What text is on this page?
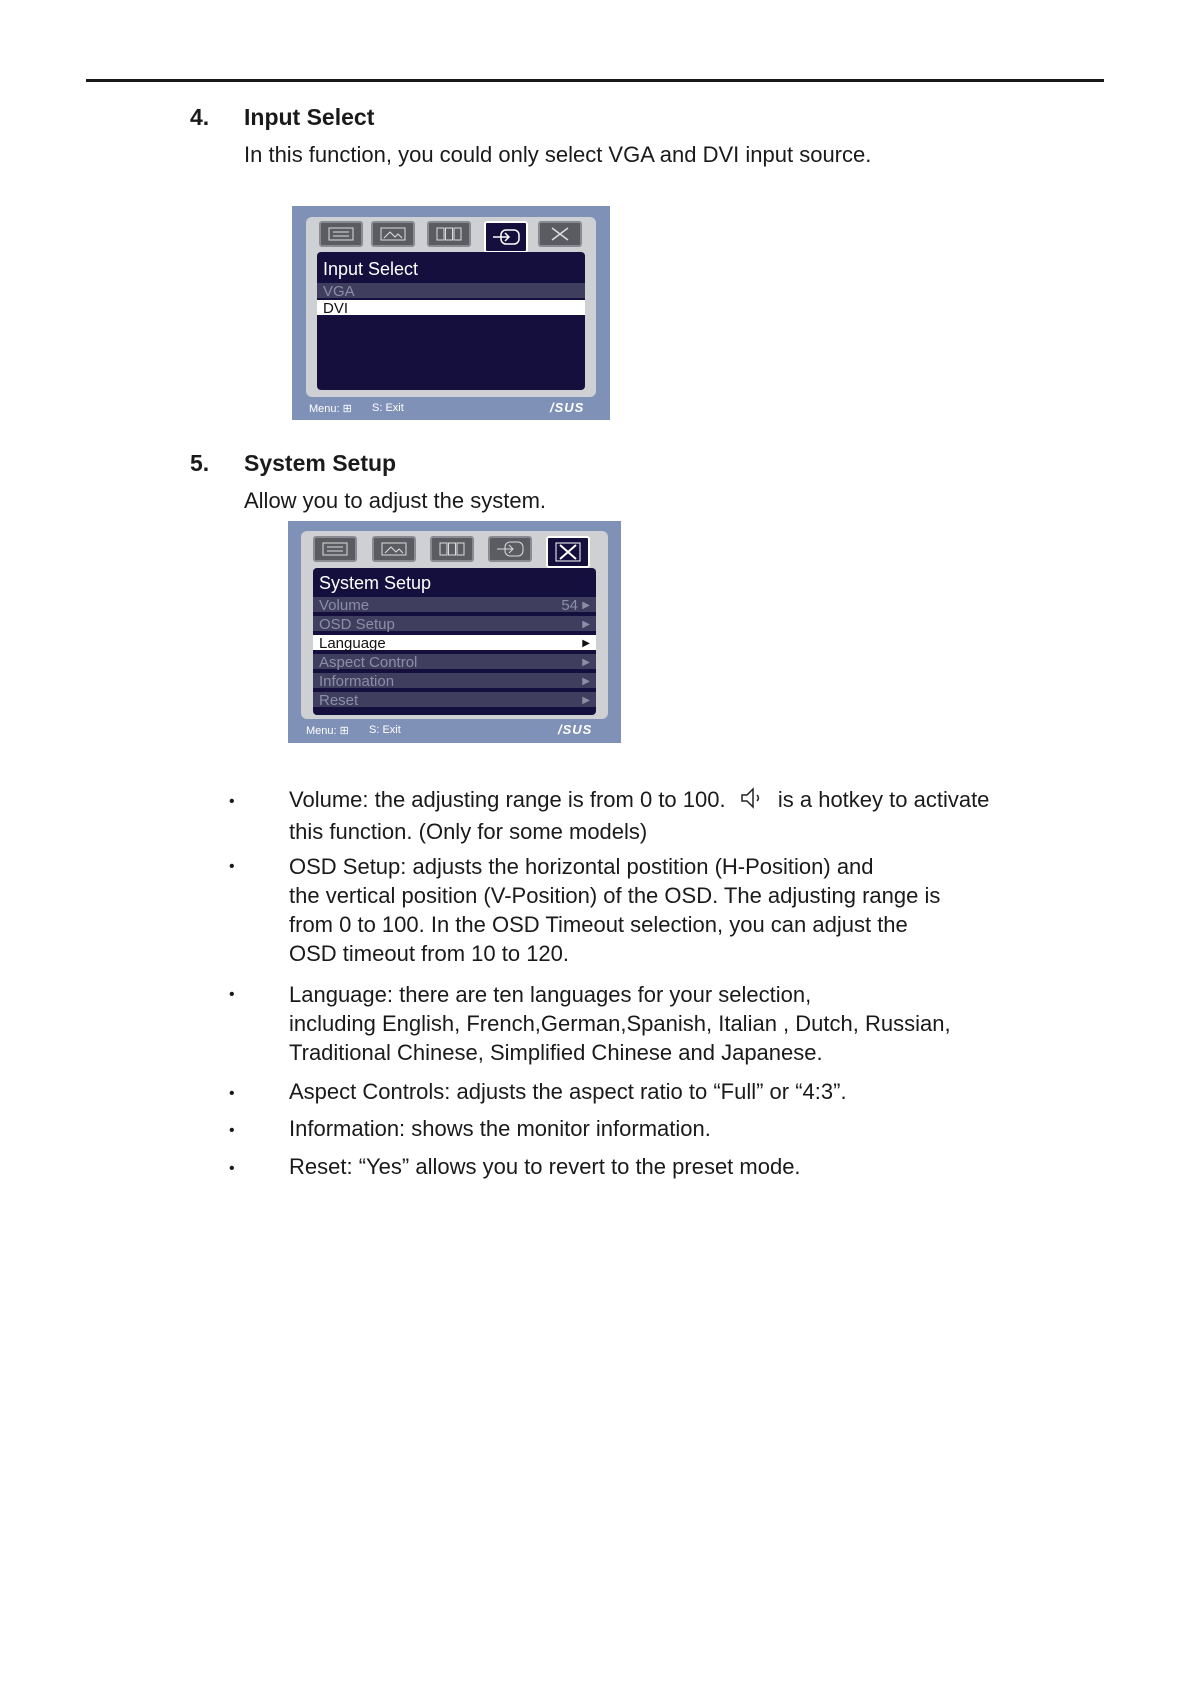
4. Input Select
In this function, you could only select VGA and DVI input source.
Input Select
VGA
DVI
Menu: ⊞ S: Exit	/SUS
5. System Setup
Allow you to adjust the system.
System Setup
Volume	54 ▶
OSD Setup	▶
Language	▶
Aspect Control	▶
Information	▶
Reset	▶
Menu: ⊞ S: Exit	/SUS
• Volume: the adjusting range is from 0 to 100. is a hotkey to activate
this function. (Only for some models)
• OSD Setup: adjusts the horizontal postition (H-Position) and
the vertical position (V-Position) of the OSD. The adjusting range is
from 0 to 100. In the OSD Timeout selection, you can adjust the
OSD timeout from 10 to 120.
• Language: there are ten languages for your selection,
including English, French,German,Spanish, Italian , Dutch, Russian,
Traditional Chinese, Simplified Chinese and Japanese.
• Aspect Controls: adjusts the aspect ratio to “Full” or “4:3”.
• Information: shows the monitor information.
• Reset: “Yes” allows you to revert to the preset mode.
